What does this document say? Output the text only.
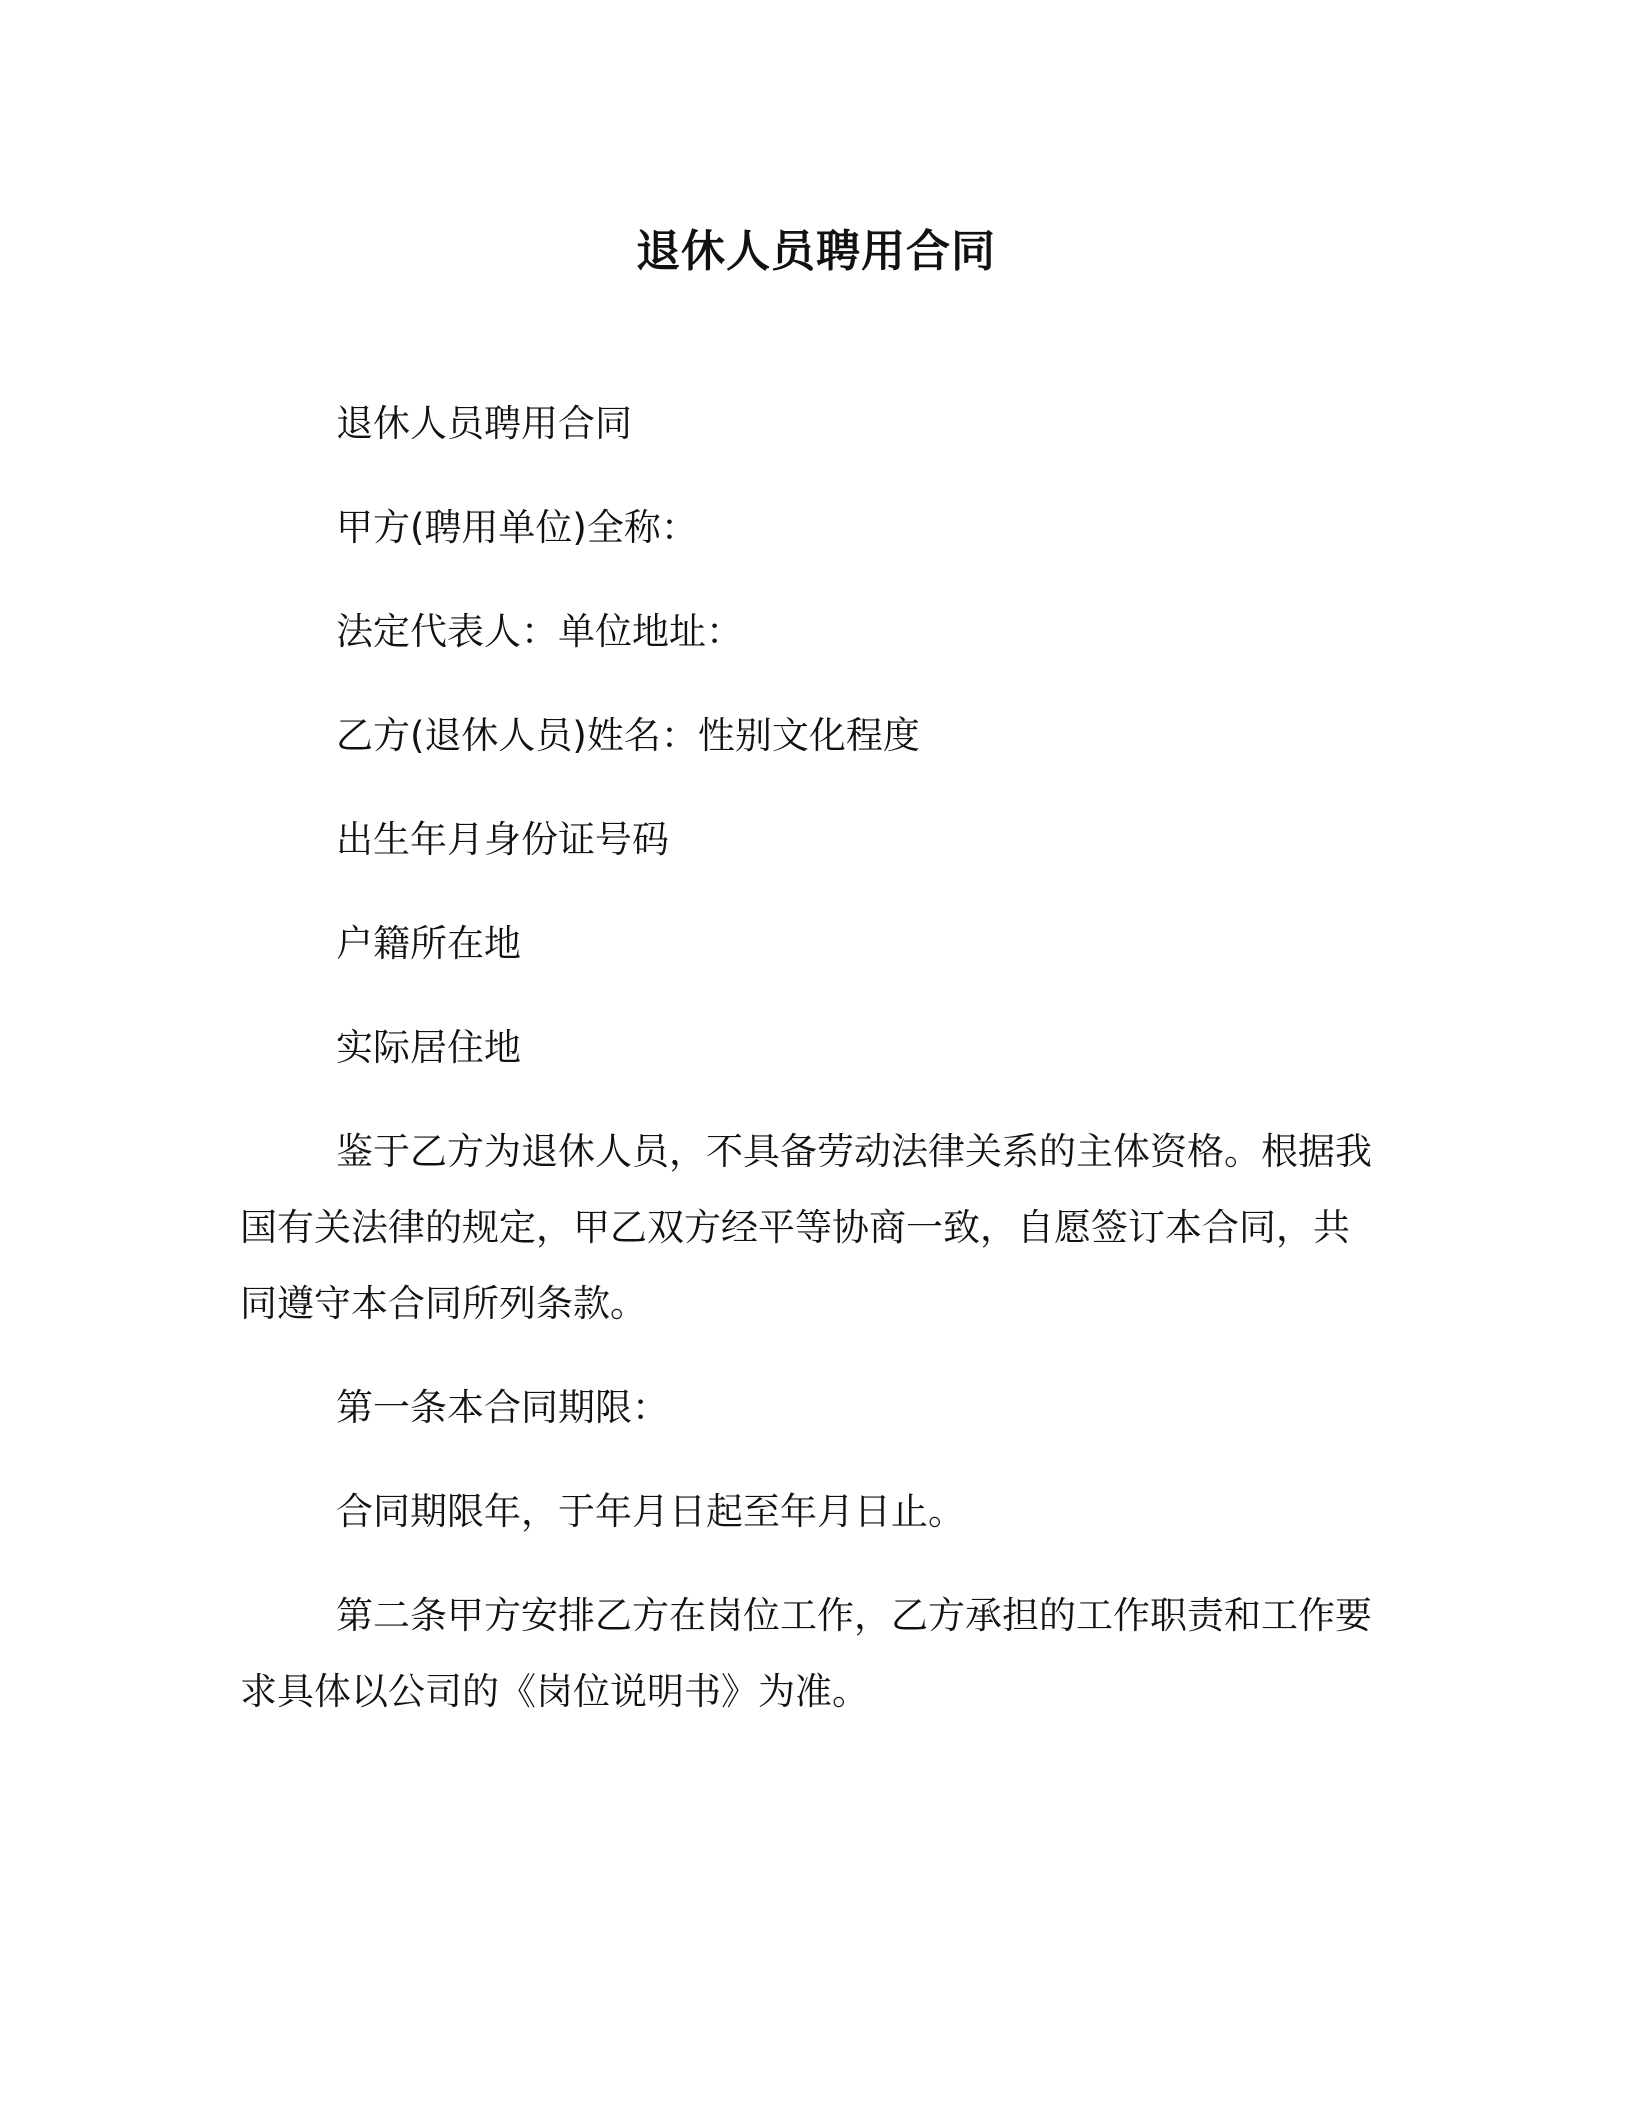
退休人员聘用合同

退休人员聘用合同

甲方(聘用单位)全称：

法定代表人：单位地址：

乙方(退休人员)姓名：性别文化程度

出生年月身份证号码

户籍所在地

实际居住地

鉴于乙方为退休人员，不具备劳动法律关系的主体资格。根据我国有关法律的规定，甲乙双方经平等协商一致，自愿签订本合同，共同遵守本合同所列条款。

第一条本合同期限：

合同期限年，于年月日起至年月日止。

第二条甲方安排乙方在岗位工作，乙方承担的工作职责和工作要求具体以公司的《岗位说明书》为准。
